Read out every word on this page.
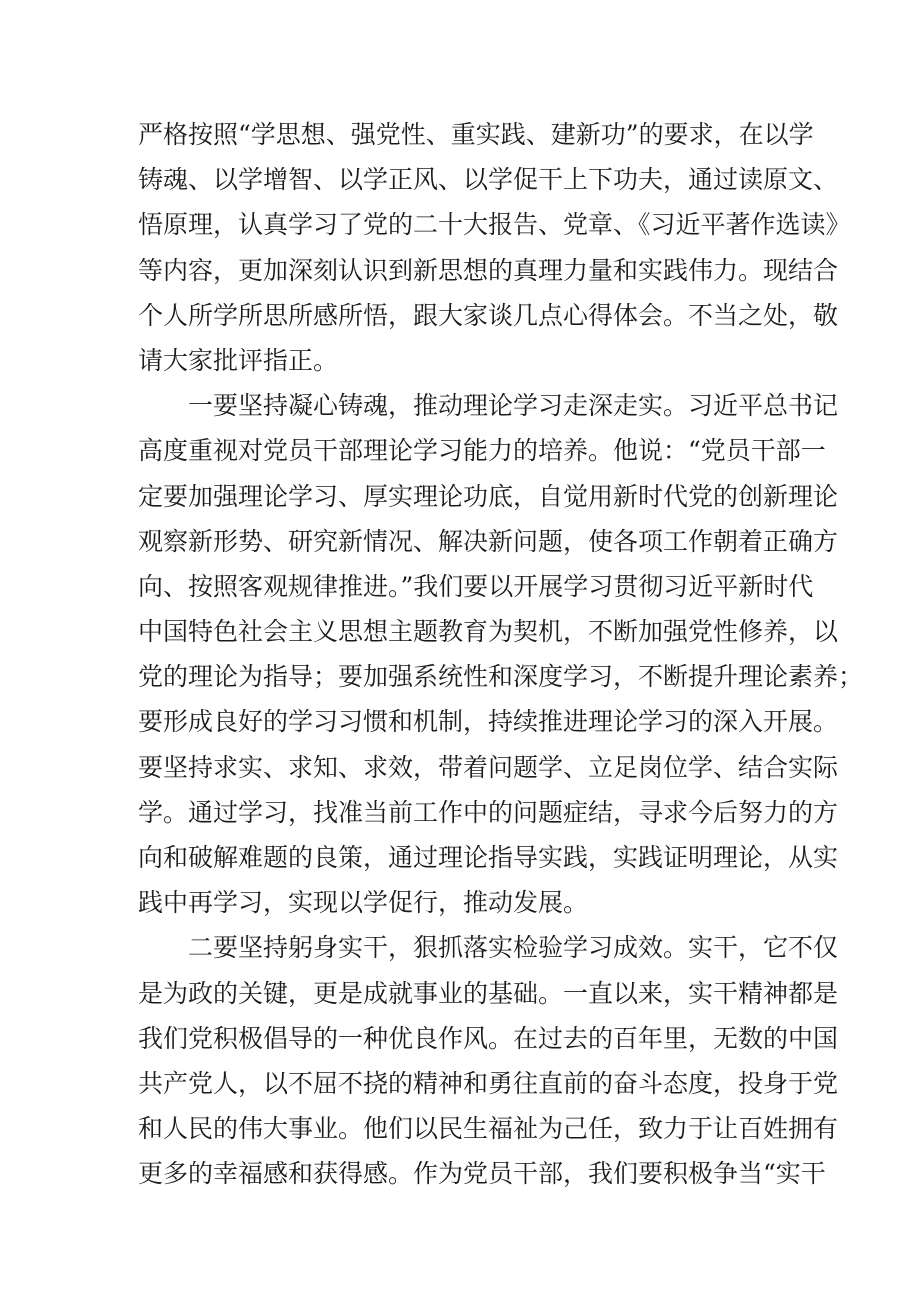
严格按照“学思想、强党性、重实践、建新功”的要求，在以学
铸魂、以学增智、以学正风、以学促干上下功夫，通过读原文、
悟原理，认真学习了党的二十大报告、党章、《习近平著作选读》
等内容，更加深刻认识到新思想的真理力量和实践伟力。现结合
个人所学所思所感所悟，跟大家谈几点心得体会。不当之处，敬
请大家批评指正。
　　一要坚持凝心铸魂，推动理论学习走深走实。习近平总书记
高度重视对党员干部理论学习能力的培养。他说：“党员干部一
定要加强理论学习、厚实理论功底，自觉用新时代党的创新理论
观察新形势、研究新情况、解决新问题，使各项工作朝着正确方
向、按照客观规律推进。”我们要以开展学习贯彻习近平新时代
中国特色社会主义思想主题教育为契机，不断加强党性修养，以
党的理论为指导；要加强系统性和深度学习，不断提升理论素养；
要形成良好的学习习惯和机制，持续推进理论学习的深入开展。
要坚持求实、求知、求效，带着问题学、立足岗位学、结合实际
学。通过学习，找准当前工作中的问题症结，寻求今后努力的方
向和破解难题的良策，通过理论指导实践，实践证明理论，从实
践中再学习，实现以学促行，推动发展。
　　二要坚持躬身实干，狠抓落实检验学习成效。实干，它不仅
是为政的关键，更是成就事业的基础。一直以来，实干精神都是
我们党积极倡导的一种优良作风。在过去的百年里，无数的中国
共产党人，以不屈不挠的精神和勇往直前的奋斗态度，投身于党
和人民的伟大事业。他们以民生福祉为己任，致力于让百姓拥有
更多的幸福感和获得感。作为党员干部，我们要积极争当“实干
